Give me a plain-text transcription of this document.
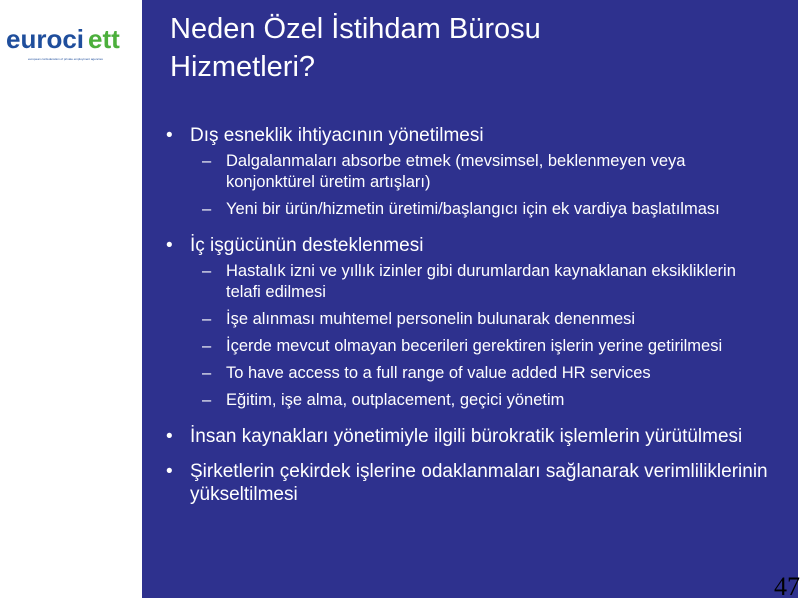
euroci ett
european confederation of private employment agencies
Neden Özel İstihdam Bürosu
Hizmetleri?
• Dış esneklik ihtiyacının yönetilmesi
– Dalgalanmaları absorbe etmek (mevsimsel, beklenmeyen veya konjonktürel üretim artışları)
– Yeni bir ürün/hizmetin üretimi/başlangıcı için ek vardiya başlatılması
• İç işgücünün desteklenmesi
– Hastalık izni ve yıllık izinler gibi durumlardan kaynaklanan eksikliklerin telafi edilmesi
– İşe alınması muhtemel personelin bulunarak denenmesi
– İçerde mevcut olmayan becerileri gerektiren işlerin yerine getirilmesi
– To have access to a full range of value added HR services
– Eğitim, işe alma, outplacement, geçici yönetim
• İnsan kaynakları yönetimiyle ilgili bürokratik işlemlerin yürütülmesi
• Şirketlerin çekirdek işlerine odaklanmaları sağlanarak verimliliklerinin yükseltilmesi
47
